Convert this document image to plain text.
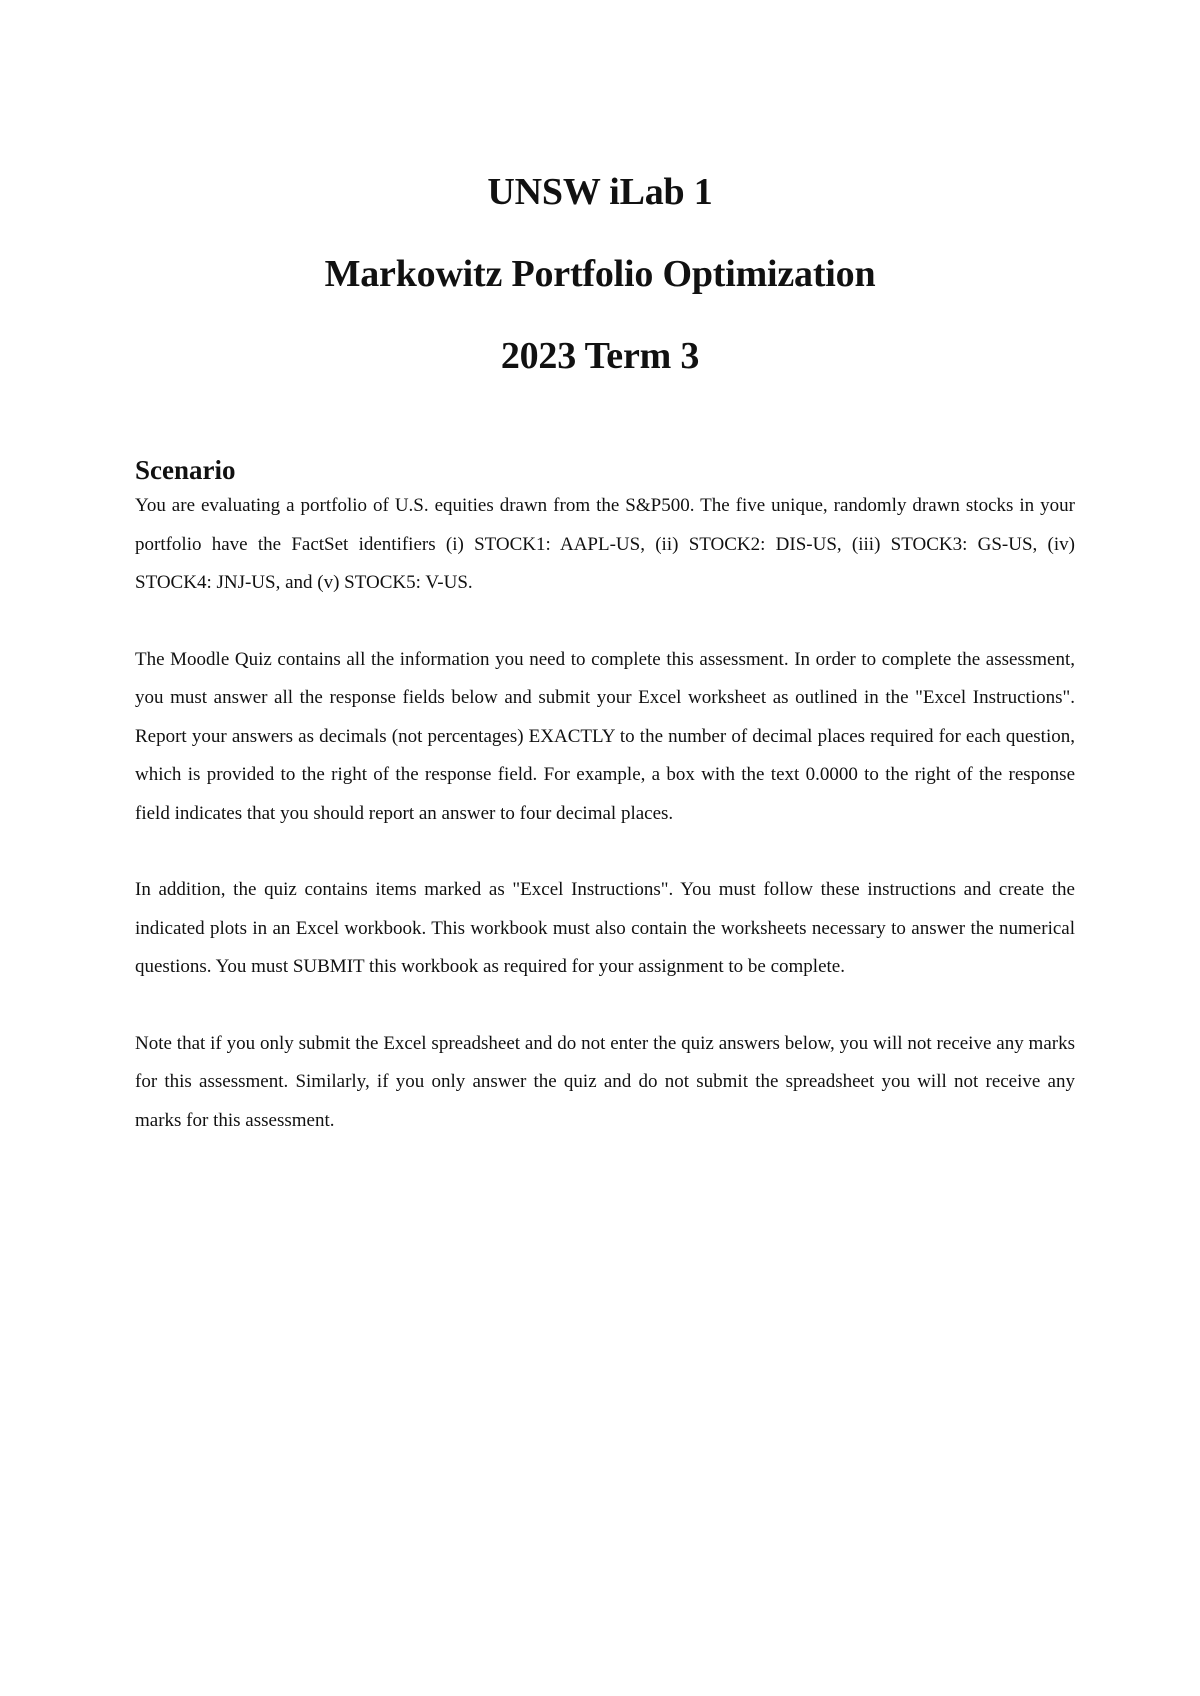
UNSW iLab 1
Markowitz Portfolio Optimization
2023 Term 3
Scenario

You are evaluating a portfolio of U.S. equities drawn from the S&P500. The five unique, randomly drawn stocks in your portfolio have the FactSet identifiers (i) STOCK1: AAPL-US, (ii) STOCK2: DIS-US, (iii) STOCK3: GS-US, (iv) STOCK4: JNJ-US, and (v) STOCK5: V-US.

The Moodle Quiz contains all the information you need to complete this assessment. In order to complete the assessment, you must answer all the response fields below and submit your Excel worksheet as outlined in the "Excel Instructions". Report your answers as decimals (not percentages) EXACTLY to the number of decimal places required for each question, which is provided to the right of the response field. For example, a box with the text 0.0000 to the right of the response field indicates that you should report an answer to four decimal places.

In addition, the quiz contains items marked as "Excel Instructions". You must follow these instructions and create the indicated plots in an Excel workbook. This workbook must also contain the worksheets necessary to answer the numerical questions. You must SUBMIT this workbook as required for your assignment to be complete.

Note that if you only submit the Excel spreadsheet and do not enter the quiz answers below, you will not receive any marks for this assessment. Similarly, if you only answer the quiz and do not submit the spreadsheet you will not receive any marks for this assessment.
